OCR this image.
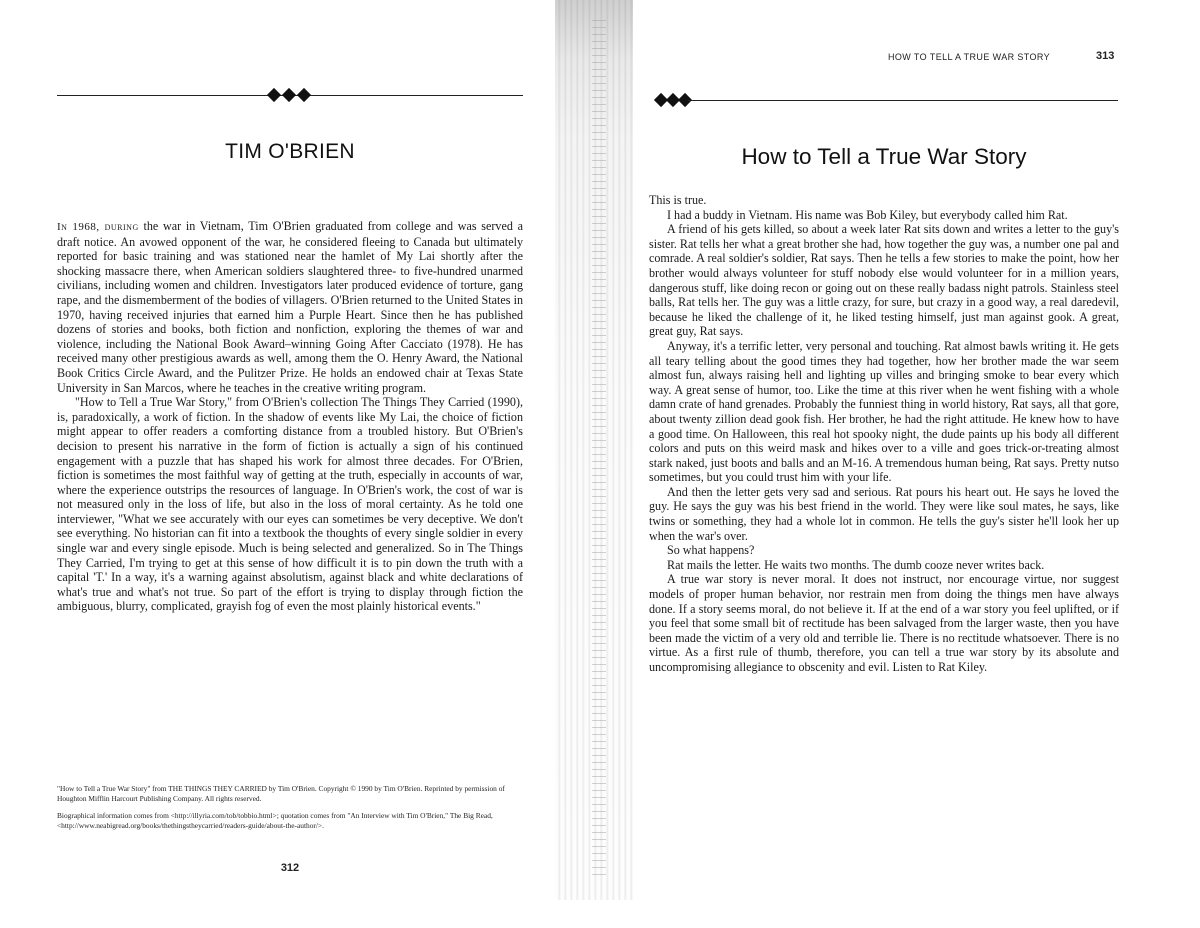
TIM O'BRIEN

In 1968, during the war in Vietnam, Tim O'Brien graduated from college and was served a draft notice. An avowed opponent of the war, he considered fleeing to Canada but ultimately reported for basic training and was stationed near the hamlet of My Lai shortly after the shocking massacre there, when American soldiers slaughtered three- to five-hundred unarmed civilians, including women and children. Investigators later produced evidence of torture, gang rape, and the dismemberment of the bodies of villagers. O'Brien returned to the United States in 1970, having received injuries that earned him a Purple Heart. Since then he has published dozens of stories and books, both fiction and nonfiction, exploring the themes of war and violence, including the National Book Award–winning Going After Cacciato (1978). He has received many other prestigious awards as well, among them the O. Henry Award, the National Book Critics Circle Award, and the Pulitzer Prize. He holds an endowed chair at Texas State University in San Marcos, where he teaches in the creative writing program.

"How to Tell a True War Story," from O'Brien's collection The Things They Carried (1990), is, paradoxically, a work of fiction. In the shadow of events like My Lai, the choice of fiction might appear to offer readers a comforting distance from a troubled history. But O'Brien's decision to present his narrative in the form of fiction is actually a sign of his continued engagement with a puzzle that has shaped his work for almost three decades. For O'Brien, fiction is sometimes the most faithful way of getting at the truth, especially in accounts of war, where the experience outstrips the resources of language. In O'Brien's work, the cost of war is not measured only in the loss of life, but also in the loss of moral certainty. As he told one interviewer, "What we see accurately with our eyes can sometimes be very deceptive. We don't see everything. No historian can fit into a textbook the thoughts of every single soldier in every single war and every single episode. Much is being selected and generalized. So in The Things They Carried, I'm trying to get at this sense of how difficult it is to pin down the truth with a capital 'T.' In a way, it's a warning against absolutism, against black and white declarations of what's true and what's not true. So part of the effort is trying to display through fiction the ambiguous, blurry, complicated, grayish fog of even the most plainly historical events."

"How to Tell a True War Story" from THE THINGS THEY CARRIED by Tim O'Brien. Copyright © 1990 by Tim O'Brien. Reprinted by permission of Houghton Mifflin Harcourt Publishing Company. All rights reserved.

Biographical information comes from <http://illyria.com/tob/tobbio.html>; quotation comes from "An Interview with Tim O'Brien," The Big Read, <http://www.neabigread.org/books/thethingstheycarried/readers-guide/about-the-author/>.

312
HOW TO TELL A TRUE WAR STORY	313
How to Tell a True War Story

This is true.

I had a buddy in Vietnam. His name was Bob Kiley, but everybody called him Rat.

A friend of his gets killed, so about a week later Rat sits down and writes a letter to the guy's sister. Rat tells her what a great brother she had, how together the guy was, a number one pal and comrade. A real soldier's soldier, Rat says. Then he tells a few stories to make the point, how her brother would always volunteer for stuff nobody else would volunteer for in a million years, dangerous stuff, like doing recon or going out on these really badass night patrols. Stainless steel balls, Rat tells her. The guy was a little crazy, for sure, but crazy in a good way, a real daredevil, because he liked the challenge of it, he liked testing himself, just man against gook. A great, great guy, Rat says.

Anyway, it's a terrific letter, very personal and touching. Rat almost bawls writing it. He gets all teary telling about the good times they had together, how her brother made the war seem almost fun, always raising hell and lighting up villes and bringing smoke to bear every which way. A great sense of humor, too. Like the time at this river when he went fishing with a whole damn crate of hand grenades. Probably the funniest thing in world history, Rat says, all that gore, about twenty zillion dead gook fish. Her brother, he had the right attitude. He knew how to have a good time. On Halloween, this real hot spooky night, the dude paints up his body all different colors and puts on this weird mask and hikes over to a ville and goes trick-or-treating almost stark naked, just boots and balls and an M-16. A tremendous human being, Rat says. Pretty nutso sometimes, but you could trust him with your life.

And then the letter gets very sad and serious. Rat pours his heart out. He says he loved the guy. He says the guy was his best friend in the world. They were like soul mates, he says, like twins or something, they had a whole lot in common. He tells the guy's sister he'll look her up when the war's over.

So what happens?

Rat mails the letter. He waits two months. The dumb cooze never writes back.

A true war story is never moral. It does not instruct, nor encourage virtue, nor suggest models of proper human behavior, nor restrain men from doing the things men have always done. If a story seems moral, do not believe it. If at the end of a war story you feel uplifted, or if you feel that some small bit of rectitude has been salvaged from the larger waste, then you have been made the victim of a very old and terrible lie. There is no rectitude whatsoever. There is no virtue. As a first rule of thumb, therefore, you can tell a true war story by its absolute and uncompromising allegiance to obscenity and evil. Listen to Rat Kiley.
